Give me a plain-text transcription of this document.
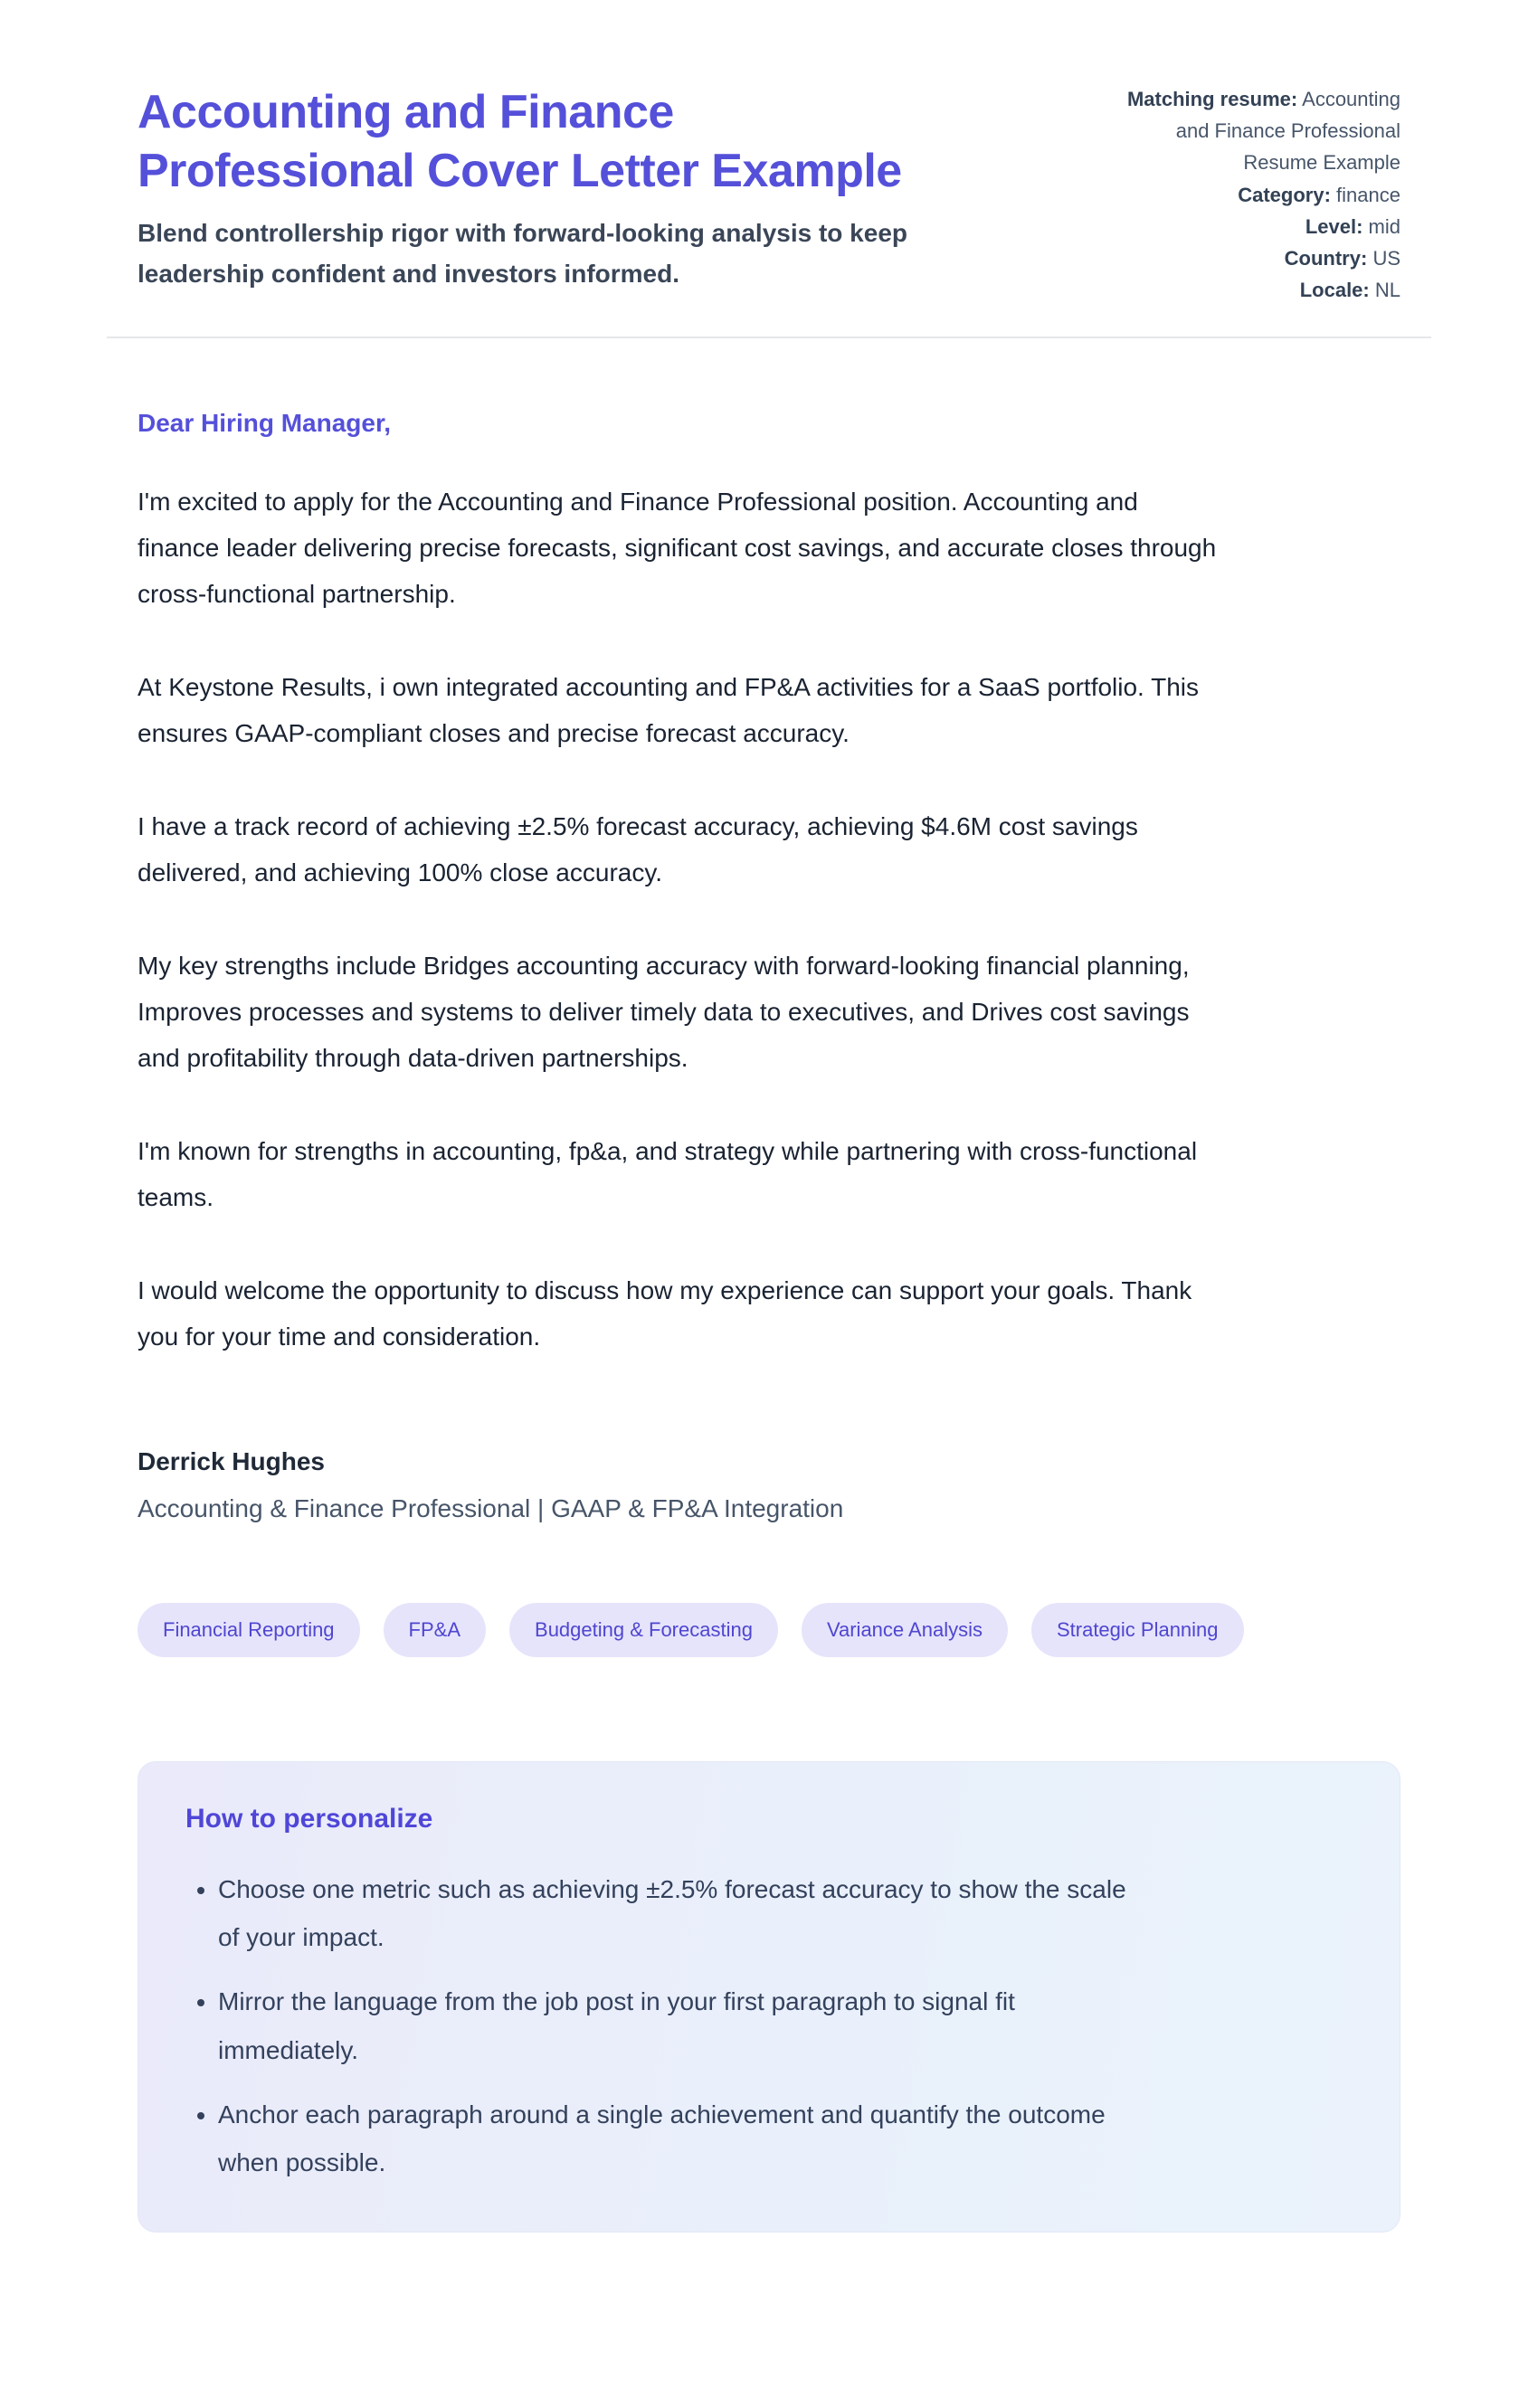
Accounting and Finance Professional Cover Letter Example

Blend controllership rigor with forward-looking analysis to keep leadership confident and investors informed.

Matching resume: Accounting and Finance Professional Resume Example
Category: finance
Level: mid
Country: US
Locale: NL

Dear Hiring Manager,

I'm excited to apply for the Accounting and Finance Professional position. Accounting and finance leader delivering precise forecasts, significant cost savings, and accurate closes through cross-functional partnership.

At Keystone Results, i own integrated accounting and FP&A activities for a SaaS portfolio. This ensures GAAP-compliant closes and precise forecast accuracy.

I have a track record of achieving ±2.5% forecast accuracy, achieving $4.6M cost savings delivered, and achieving 100% close accuracy.

My key strengths include Bridges accounting accuracy with forward-looking financial planning, Improves processes and systems to deliver timely data to executives, and Drives cost savings and profitability through data-driven partnerships.

I'm known for strengths in accounting, fp&a, and strategy while partnering with cross-functional teams.

I would welcome the opportunity to discuss how my experience can support your goals. Thank you for your time and consideration.

Derrick Hughes

Accounting & Finance Professional | GAAP & FP&A Integration

Financial Reporting	FP&A	Budgeting & Forecasting	Variance Analysis	Strategic Planning
How to personalize
• Choose one metric such as achieving ±2.5% forecast accuracy to show the scale of your impact.
• Mirror the language from the job post in your first paragraph to signal fit immediately.
• Anchor each paragraph around a single achievement and quantify the outcome when possible.
